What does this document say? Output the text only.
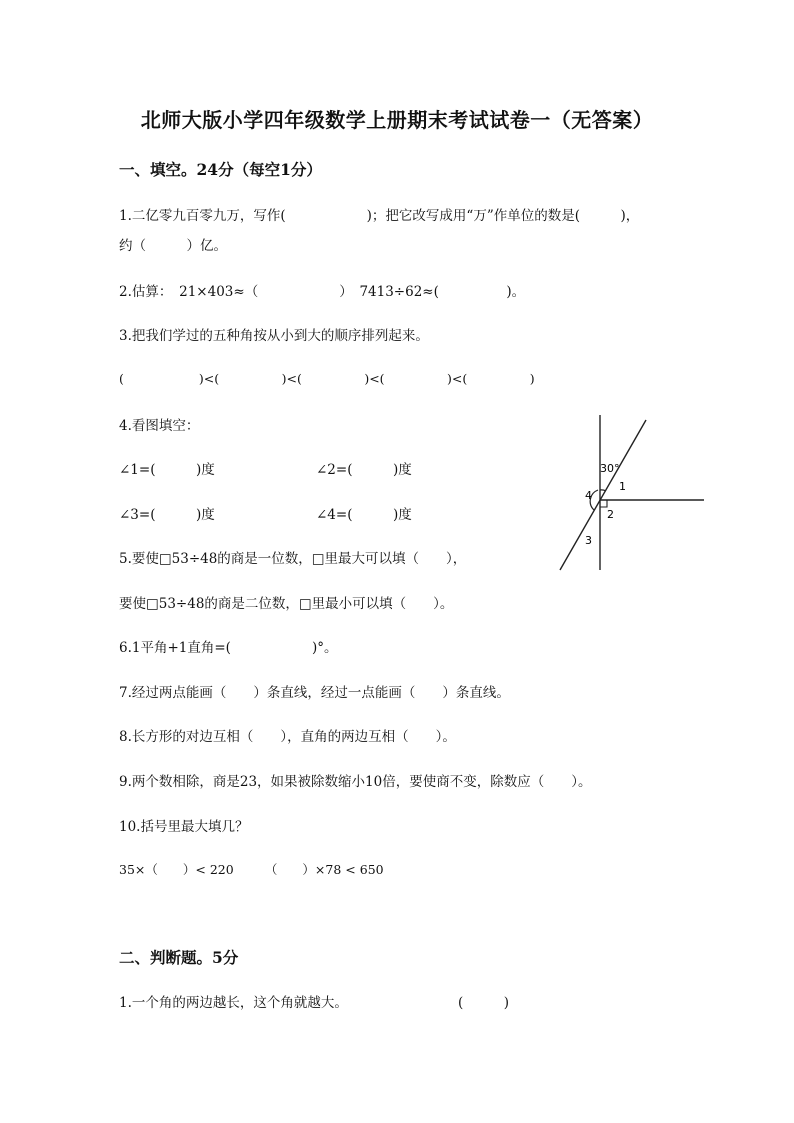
北师大版小学四年级数学上册期末考试试卷一（无答案）
一、填空。24分（每空1分）
1.二亿零九百零九万，写作(　　　　　　)；把它改写成用“万”作单位的数是(　　　)，
约（　　　）亿。
2.估算：　21×403≈（　　　　　　）　7413÷62≈(　　　　　)。
3.把我们学过的五种角按从小到大的顺序排列起来。
(　　　　　　)<(　　　　　)<(　　　　　)<(　　　　　)<(　　　　　)
4.看图填空：
∠1=(　　　)度	∠2=(　　　)度
∠3=(　　　)度	∠4=(　　　)度
30°
1
2
3
4
5.要使□53÷48的商是一位数，□里最大可以填（　　），
要使□53÷48的商是二位数，□里最小可以填（　　）。
6.1平角+1直角=(　　　　　　)°。
7.经过两点能画（　　）条直线，经过一点能画（　　）条直线。
8.长方形的对边互相（　　），直角的两边互相（　　）。
9.两个数相除，商是23，如果被除数缩小10倍，要使商不变，除数应（　　）。
10.括号里最大填几？
35×（　　）< 220　　　（　　）×78 < 650
二、判断题。5分
1.一个角的两边越长，这个角就越大。	(　　　)
